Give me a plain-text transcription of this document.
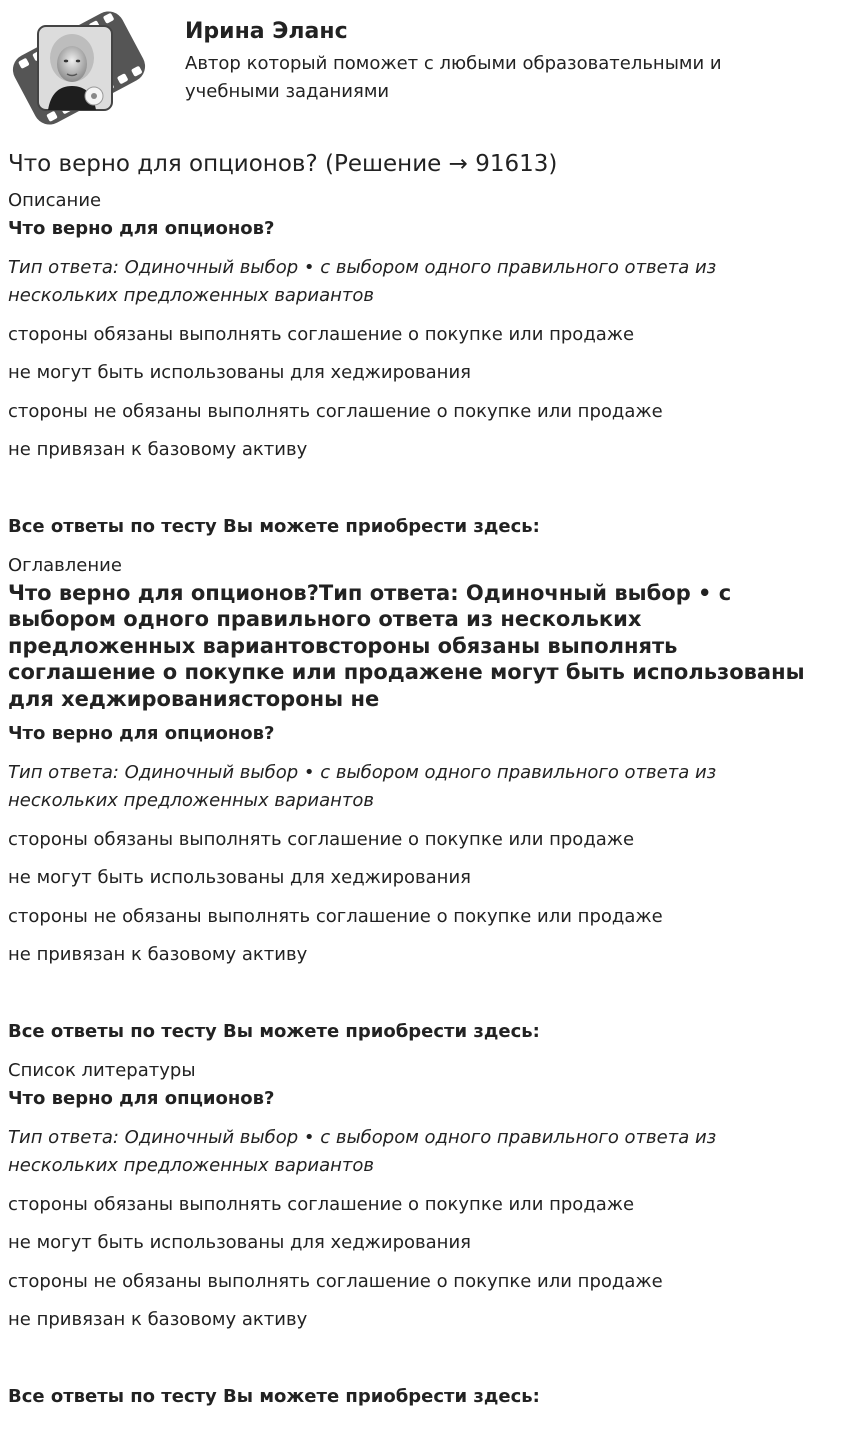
Ирина Эланс
Автор который поможет с любыми образовательными и учебными заданиями
Что верно для опционов? (Решение → 91613)
Описание
Что верно для опционов?
Тип ответа: Одиночный выбор • с выбором одного правильного ответа из нескольких предложенных вариантов
стороны обязаны выполнять соглашение о покупке или продаже
не могут быть использованы для хеджирования
стороны не обязаны выполнять соглашение о покупке или продаже
не привязан к базовому активу
Все ответы по тесту Вы можете приобрести здесь:
Оглавление
Что верно для опционов?Тип ответа: Одиночный выбор • с выбором одного правильного ответа из нескольких предложенных вариантовстороны обязаны выполнять соглашение о покупке или продажене могут быть использованы для хеджированиястороны не
Что верно для опционов?
Тип ответа: Одиночный выбор • с выбором одного правильного ответа из нескольких предложенных вариантов
стороны обязаны выполнять соглашение о покупке или продаже
не могут быть использованы для хеджирования
стороны не обязаны выполнять соглашение о покупке или продаже
не привязан к базовому активу
Все ответы по тесту Вы можете приобрести здесь:
Список литературы
Что верно для опционов?
Тип ответа: Одиночный выбор • с выбором одного правильного ответа из нескольких предложенных вариантов
стороны обязаны выполнять соглашение о покупке или продаже
не могут быть использованы для хеджирования
стороны не обязаны выполнять соглашение о покупке или продаже
не привязан к базовому активу
Все ответы по тесту Вы можете приобрести здесь:
